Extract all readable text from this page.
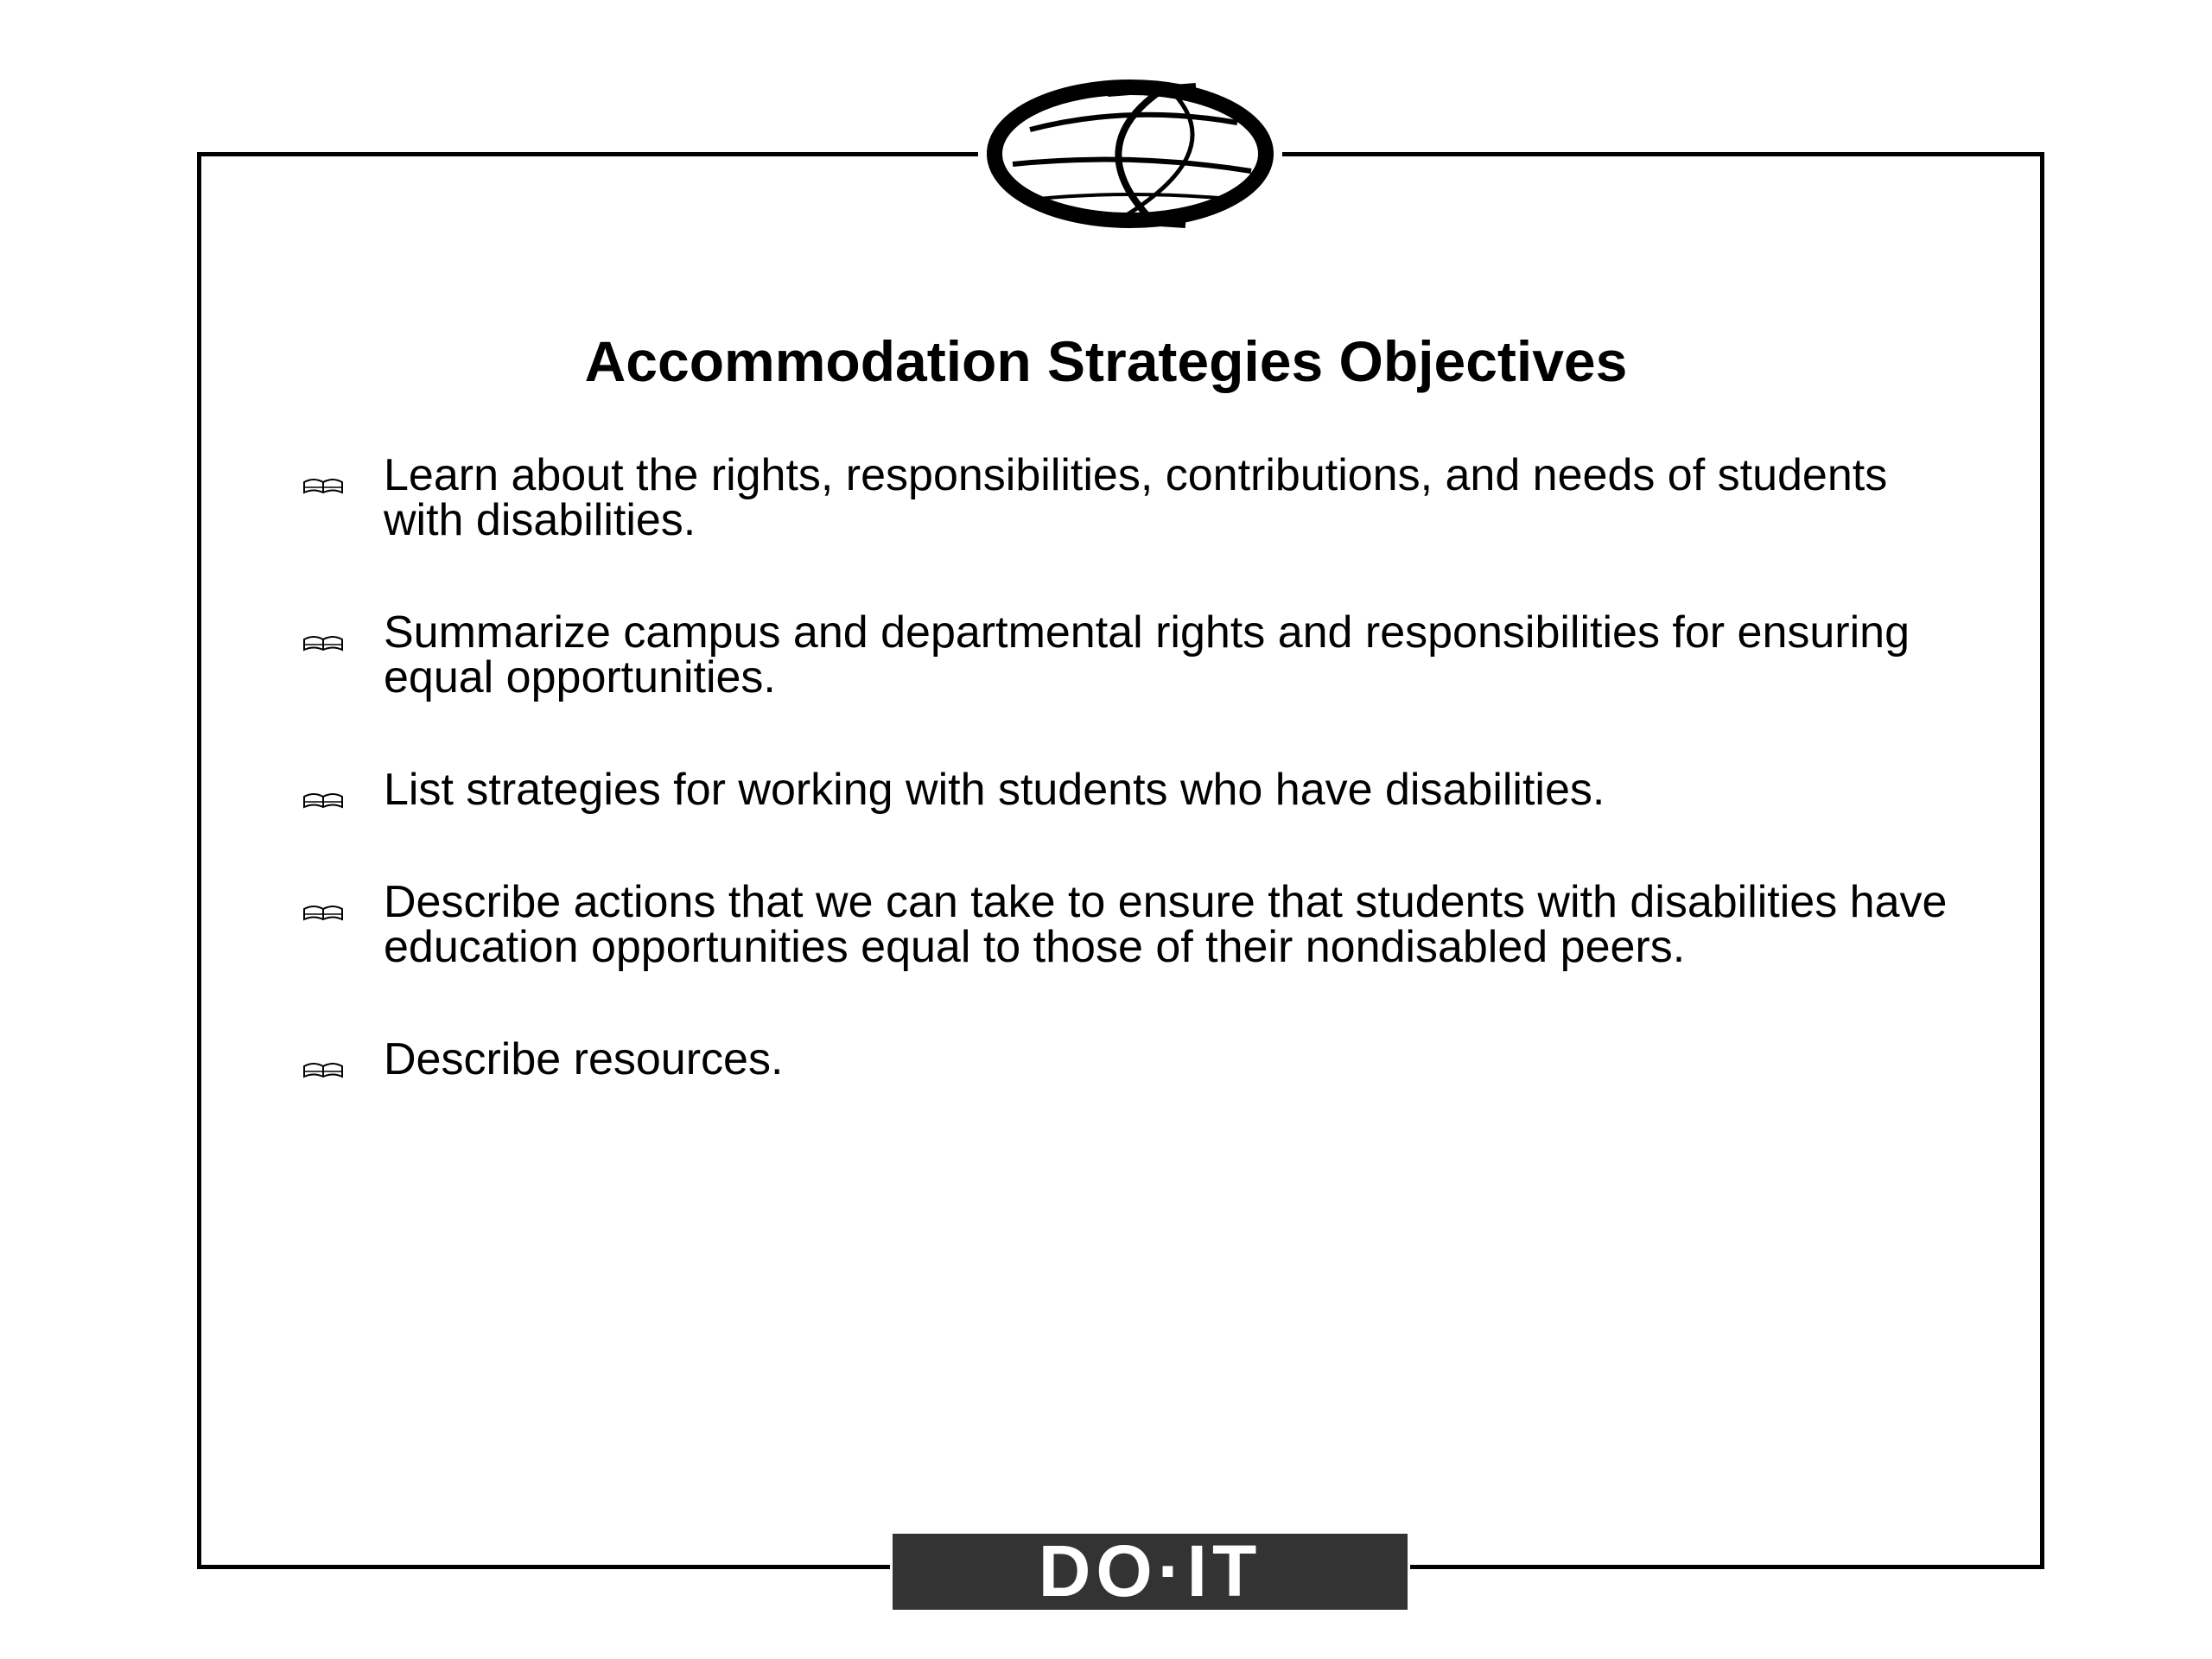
Accommodation Strategies Objectives
Learn about the rights, responsibilities, contributions, and needs of students with disabilities.
Summarize campus and departmental rights and responsibilities for ensuring equal opportunities.
List strategies for working with students who have disabilities.
Describe actions that we can take to ensure that students with disabilities have education opportunities equal to those of their nondisabled peers.
Describe resources.
DO·IT
